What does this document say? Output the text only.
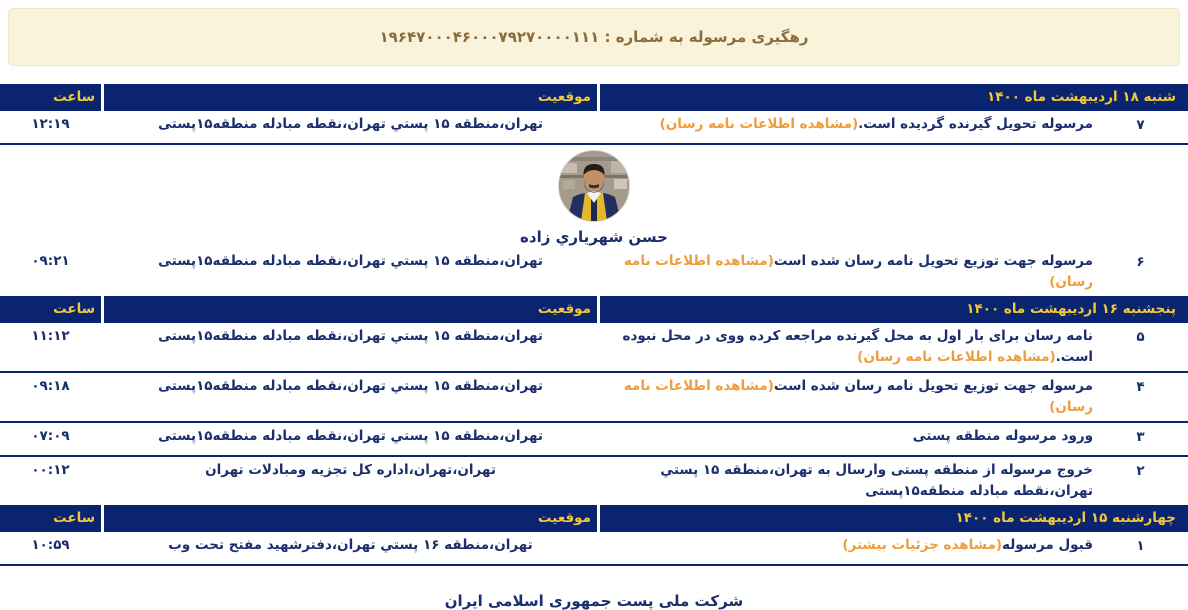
رهگیری مرسوله به شماره : ۱۹۶۴۷۰۰۰۴۶۰۰۰۷۹۲۷۰۰۰۰۱۱۱
شنبه ۱۸ اردیبهشت ماه ۱۴۰۰
موقعیت
ساعت
۷

مرسوله تحویل گیرنده گردیده است.(مشاهده اطلاعات نامه رسان)

تهران،منطقه ۱۵ پستي تهران،نقطه مبادله منطقه۱۵پستی
۱۲:۱۹
حسن شهریاري زاده
۶

مرسوله جهت توزیع تحویل نامه رسان شده است(مشاهده اطلاعات نامه رسان)

تهران،منطقه ۱۵ پستي تهران،نقطه مبادله منطقه۱۵پستی
۰۹:۲۱
پنجشنبه ۱۶ اردیبهشت ماه ۱۴۰۰
موقعیت
ساعت
۵

نامه رسان برای بار اول به محل گیرنده مراجعه کرده ووی در محل نبوده است.(مشاهده اطلاعات نامه رسان)

تهران،منطقه ۱۵ پستي تهران،نقطه مبادله منطقه۱۵پستی
۱۱:۱۲
۴

مرسوله جهت توزیع تحویل نامه رسان شده است(مشاهده اطلاعات نامه رسان)

تهران،منطقه ۱۵ پستي تهران،نقطه مبادله منطقه۱۵پستی
۰۹:۱۸
۳

ورود مرسوله منطقه پستی

تهران،منطقه ۱۵ پستي تهران،نقطه مبادله منطقه۱۵پستی
۰۷:۰۹
۲

خروج مرسوله از منطقه پستی وارسال به تهران،منطقه ۱۵ پستي تهران،نقطه مبادله منطقه۱۵پستی

تهران،تهران،اداره کل تجزیه ومبادلات تهران
۰۰:۱۲
چهارشنبه ۱۵ اردیبهشت ماه ۱۴۰۰
موقعیت
ساعت
۱

قبول مرسوله(مشاهده جزئیات بیشتر)

تهران،منطقه ۱۶ پستي تهران،دفترشهید مفتح تحت وب
۱۰:۵۹
شرکت ملی پست جمهوری اسلامی ایران
